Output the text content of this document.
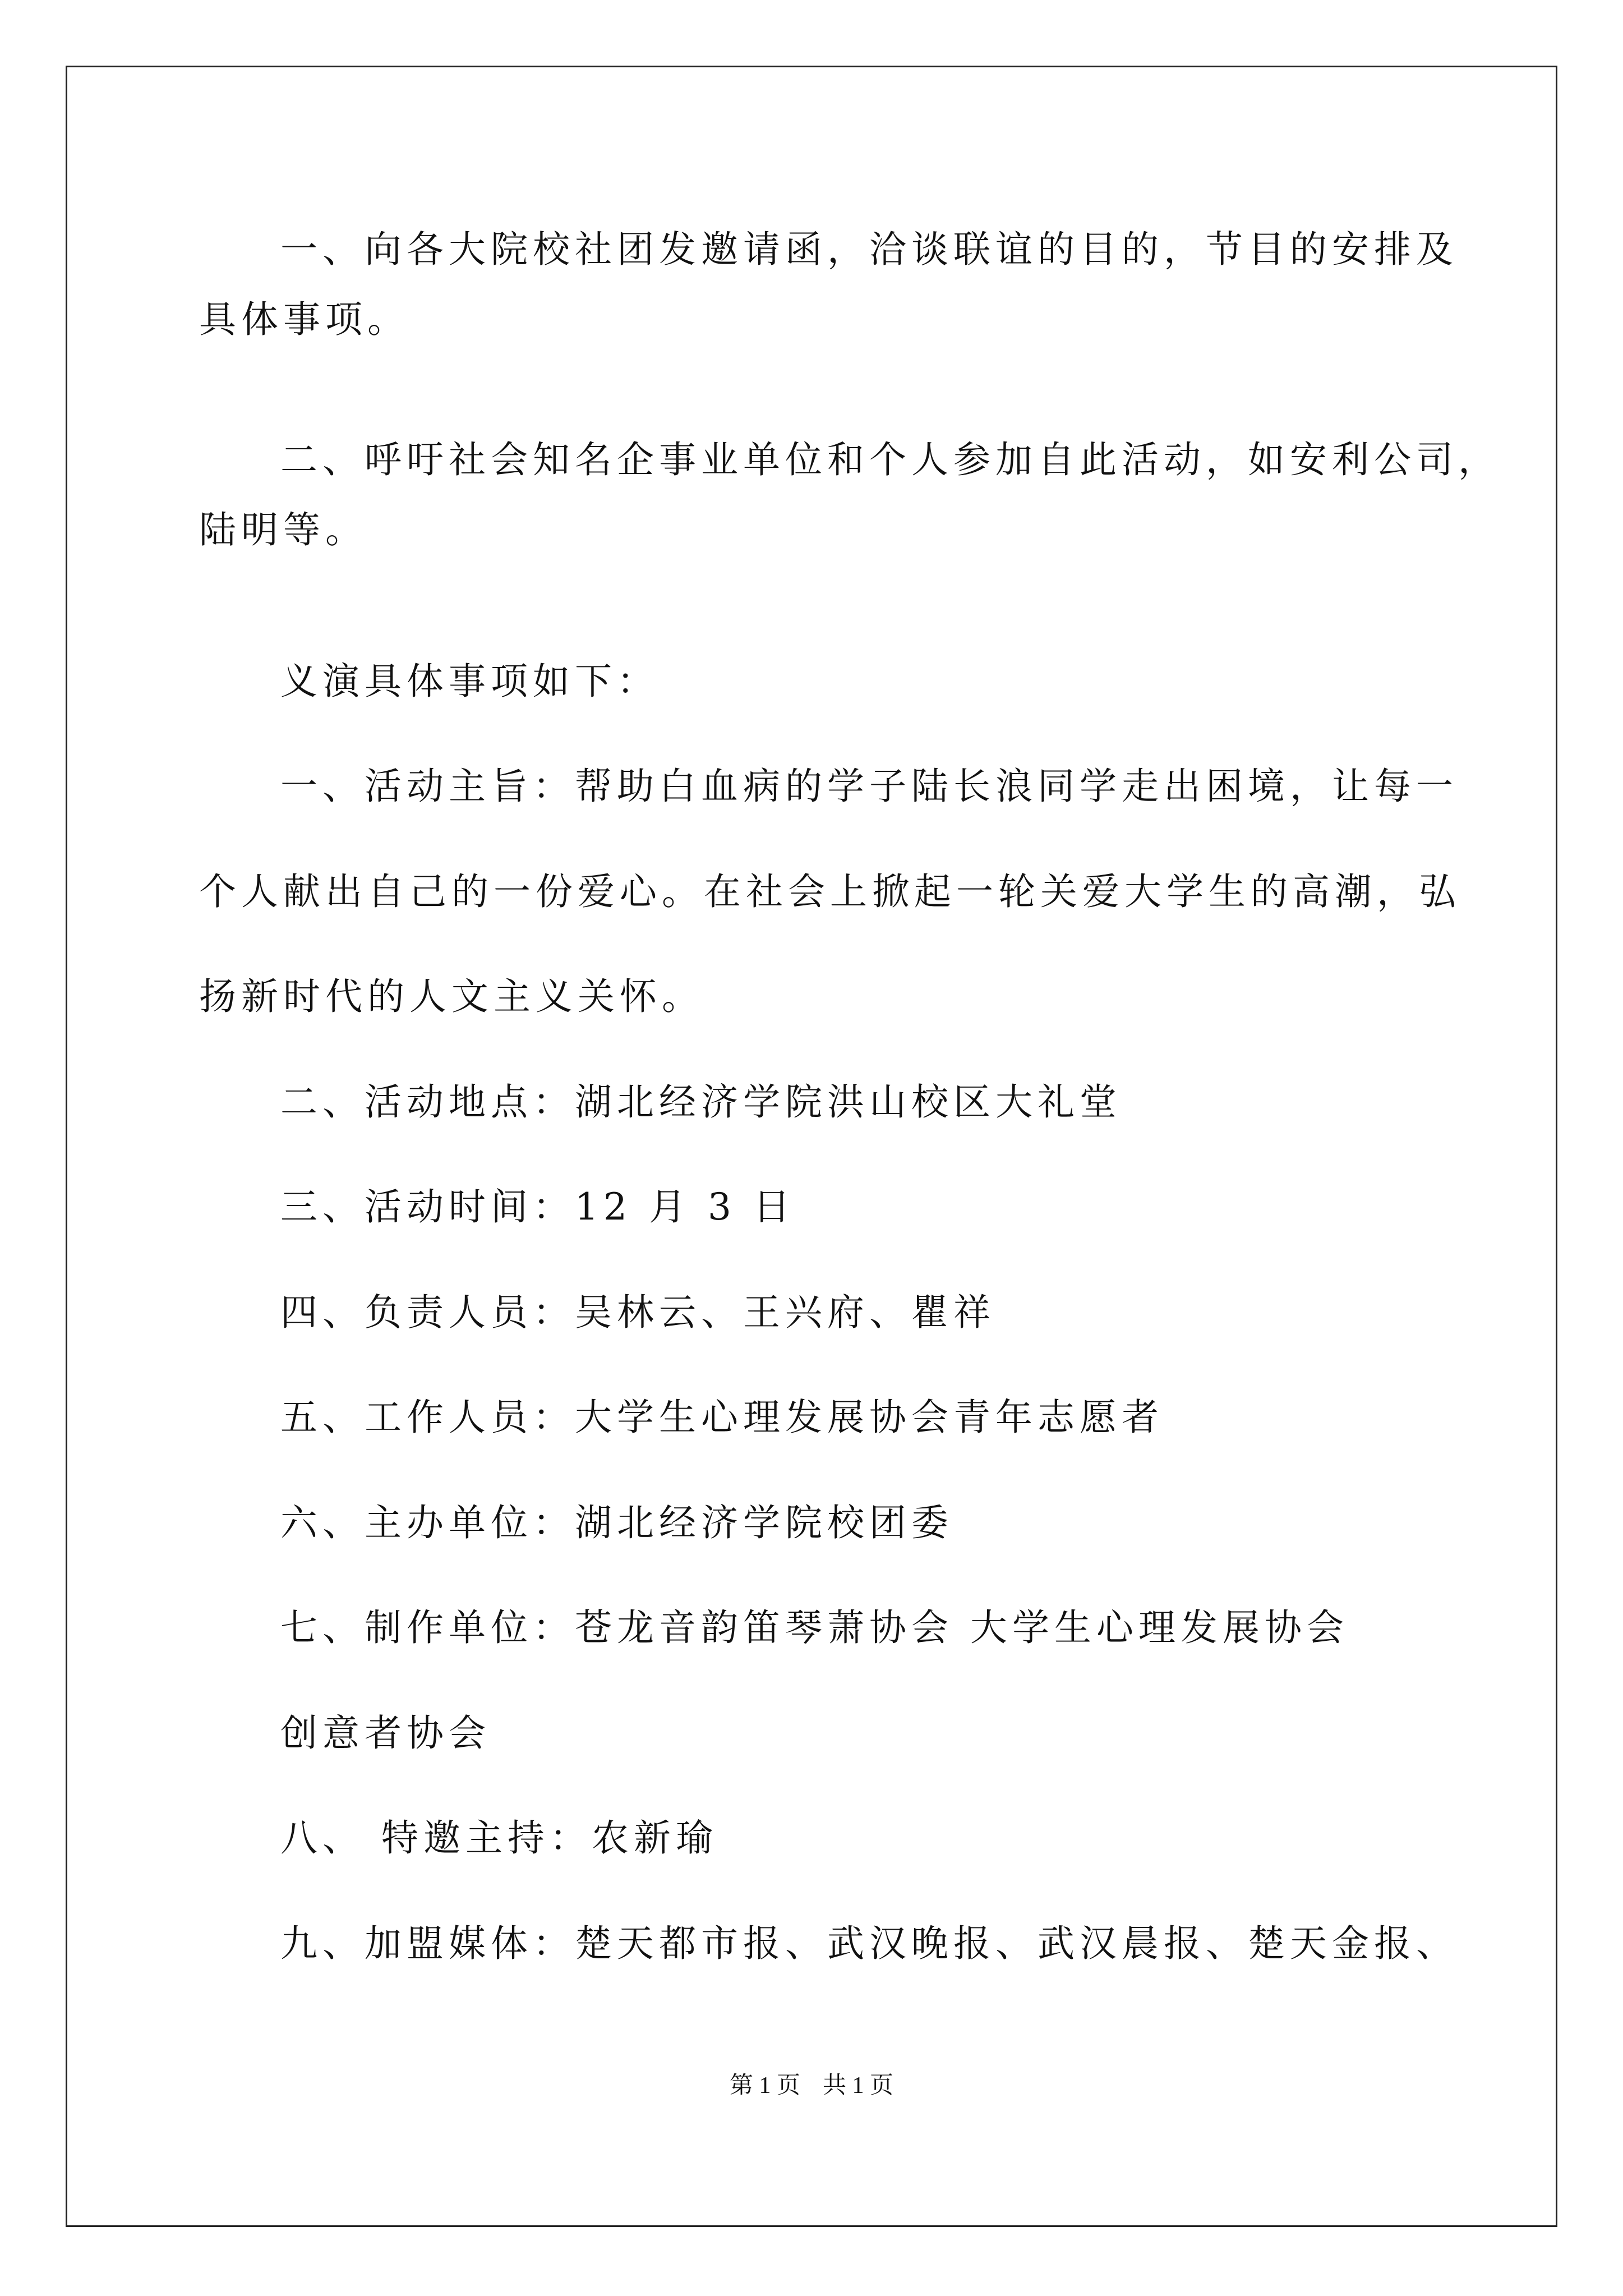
一、向各大院校社团发邀请函，洽谈联谊的目的，节目的安排及
具体事项。
二、呼吁社会知名企事业单位和个人参加自此活动，如安利公司，
陆明等。
义演具体事项如下：
一、活动主旨：帮助白血病的学子陆长浪同学走出困境，让每一
个人献出自己的一份爱心。在社会上掀起一轮关爱大学生的高潮，弘
扬新时代的人文主义关怀。
二、活动地点：湖北经济学院洪山校区大礼堂
三、活动时间：12 月 3 日
四、负责人员：吴林云、王兴府、瞿祥
五、工作人员：大学生心理发展协会青年志愿者
六、主办单位：湖北经济学院校团委
七、制作单位：苍龙音韵笛琴萧协会 大学生心理发展协会
创意者协会
八、 特邀主持：农新瑜
九、加盟媒体：楚天都市报、武汉晚报、武汉晨报、楚天金报、
第 1 页 共 1 页
